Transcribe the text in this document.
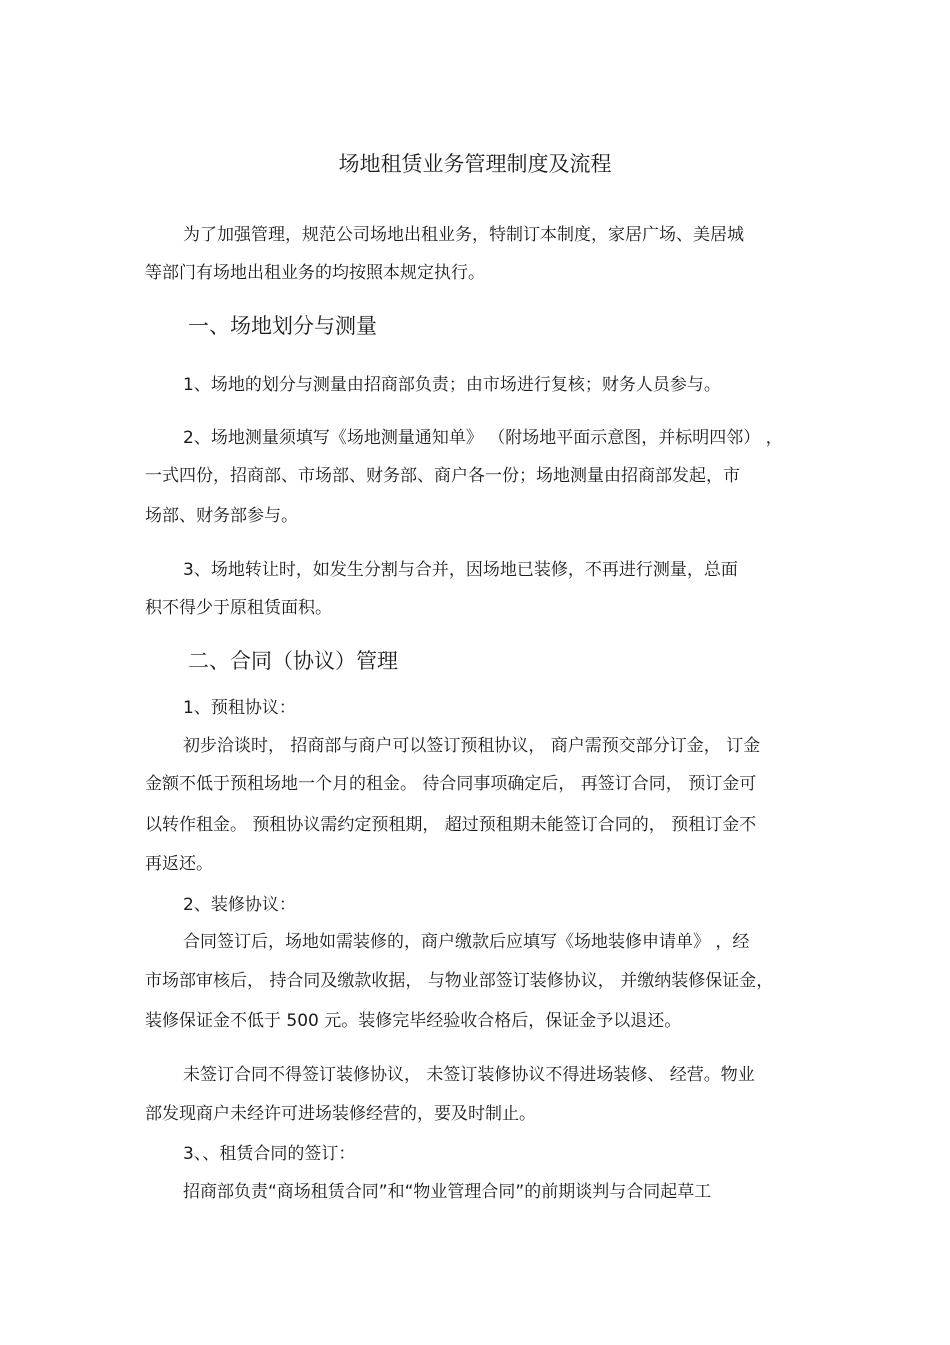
场地租赁业务管理制度及流程
为了加强管理，规范公司场地出租业务，特制订本制度，家居广场、美居城
等部门有场地出租业务的均按照本规定执行。
一、场地划分与测量
1、场地的划分与测量由招商部负责；由市场进行复核；财务人员参与。
2、场地测量须填写《场地测量通知单》 （附场地平面示意图，并标明四邻） ，
一式四份，招商部、市场部、财务部、商户各一份；场地测量由招商部发起，市
场部、财务部参与。
3、场地转让时，如发生分割与合并，因场地已装修，不再进行测量，总面
积不得少于原租赁面积。
二、合同（协议）管理
1、预租协议：
初步洽谈时， 招商部与商户可以签订预租协议， 商户需预交部分订金， 订金
金额不低于预租场地一个月的租金。 待合同事项确定后， 再签订合同， 预订金可
以转作租金。 预租协议需约定预租期， 超过预租期未能签订合同的， 预租订金不
再返还。
2、装修协议：
合同签订后，场地如需装修的，商户缴款后应填写《场地装修申请单》 ，经
市场部审核后， 持合同及缴款收据， 与物业部签订装修协议， 并缴纳装修保证金，
装修保证金不低于 500 元。装修完毕经验收合格后，保证金予以退还。
未签订合同不得签订装修协议， 未签订装修协议不得进场装修、 经营。物业
部发现商户未经许可进场装修经营的，要及时制止。
3、、租赁合同的签订：
招商部负责“商场租赁合同”和“物业管理合同”的前期谈判与合同起草工
